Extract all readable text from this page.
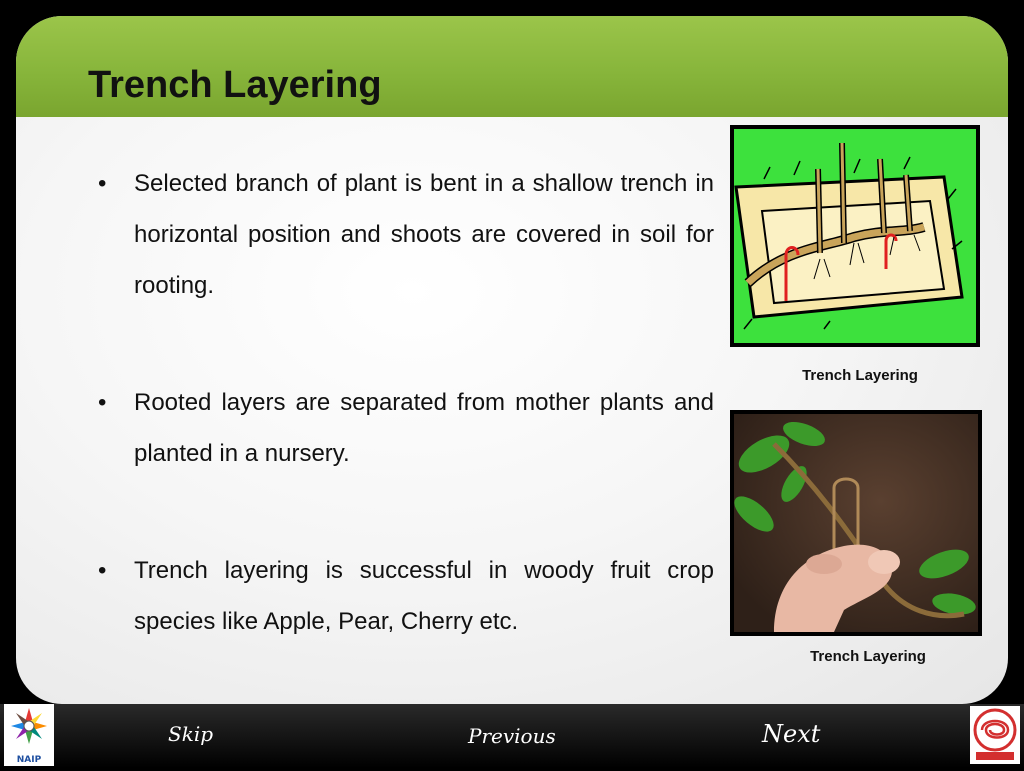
Trench Layering
• Selected branch of plant is bent in a shallow trench in horizontal position and shoots are covered in soil for rooting.
• Rooted layers are separated from mother plants and planted in a nursery.
• Trench layering is successful in woody fruit crop species like Apple, Pear, Cherry etc.
Trench Layering
Trench Layering
Skip	Previous	Next
NAIP
